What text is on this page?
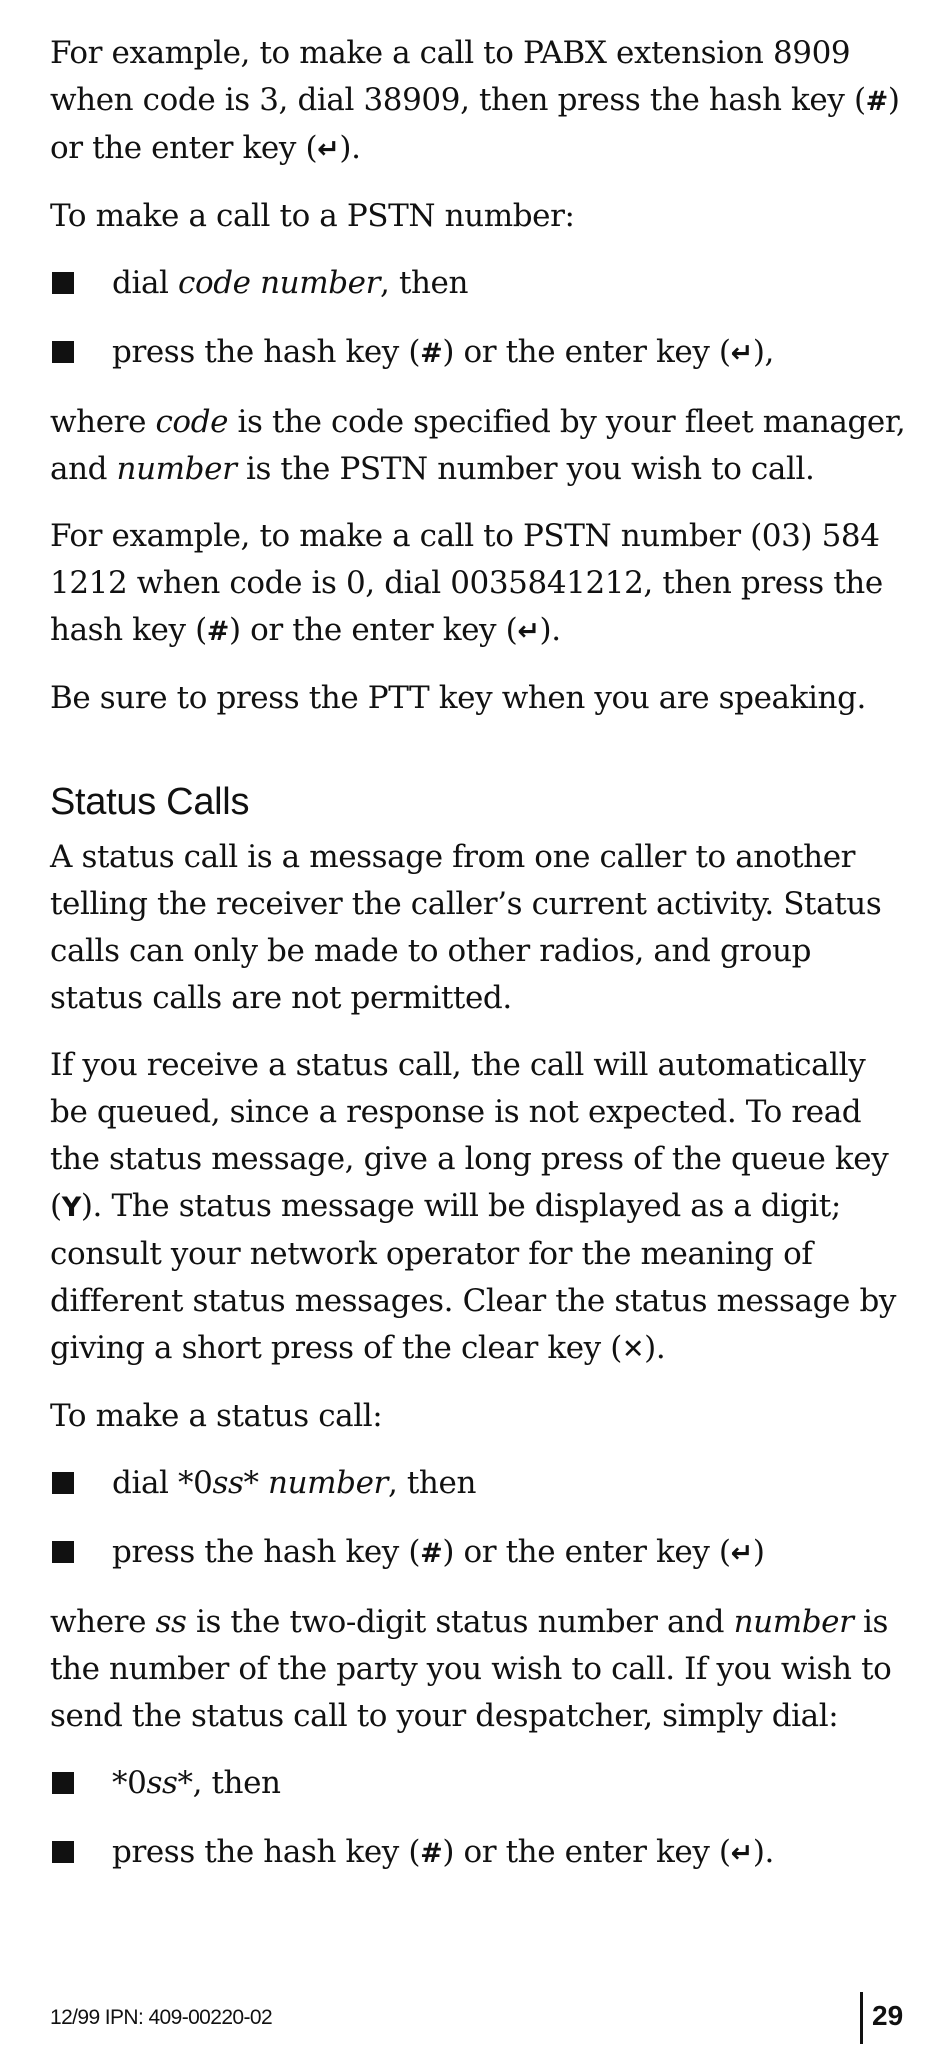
For example, to make a call to PABX extension 8909 when code is 3, dial 38909, then press the hash key (#) or the enter key (↵).

To make a call to a PSTN number:

dial code number, then
press the hash key (#) or the enter key (↵),

where code is the code specified by your fleet manager, and number is the PSTN number you wish to call.

For example, to make a call to PSTN number (03) 584 1212 when code is 0, dial 0035841212, then press the hash key (#) or the enter key (↵).

Be sure to press the PTT key when you are speaking.

Status Calls

A status call is a message from one caller to another telling the receiver the caller’s current activity. Status calls can only be made to other radios, and group status calls are not permitted.

If you receive a status call, the call will automatically be queued, since a response is not expected. To read the status message, give a long press of the queue key (Y). The status message will be displayed as a digit; consult your network operator for the meaning of different status messages. Clear the status message by giving a short press of the clear key (✕).

To make a status call:

dial *0ss* number, then
press the hash key (#) or the enter key (↵)

where ss is the two-digit status number and number is the number of the party you wish to call. If you wish to send the status call to your despatcher, simply dial:

*0ss*, then
press the hash key (#) or the enter key (↵).
12/99 IPN: 409-00220-02	29
